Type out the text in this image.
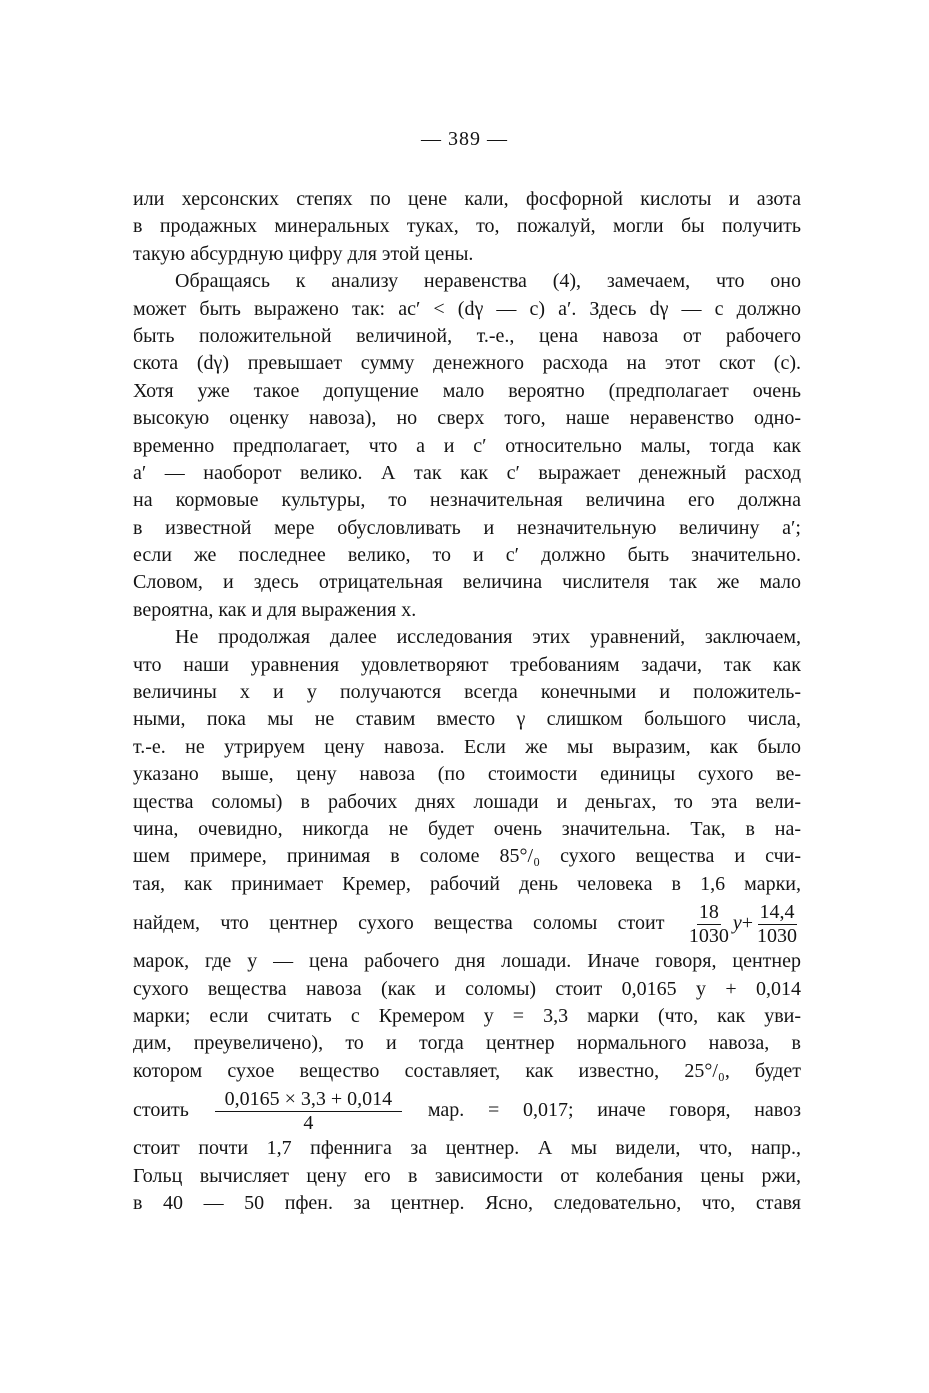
— 389 —
или херсонских степях по цене кали, фосфорной кислоты и азота
в продажных минеральных туках, то, пожалуй, могли бы получить
такую абсурдную цифру для этой цены.
Обращаясь к анализу неравенства (4), замечаем, что оно
может быть выражено так: ac′ < (dγ — c) a′. Здесь dγ — c должно
быть положительной величиной, т.-е., цена навоза от рабочего
скота (dγ) превышает сумму денежного расхода на этот скот (c).
Хотя уже такое допущение мало вероятно (предполагает очень
высокую оценку навоза), но сверх того, наше неравенство одно-
временно предполагает, что a и c′ относительно малы, тогда как
a′ — наоборот велико. А так как c′ выражает денежный расход
на кормовые культуры, то незначительная величина его должна
в известной мере обусловливать и незначительную величину a′;
если же последнее велико, то и c′ должно быть значительно.
Словом, и здесь отрицательная величина числителя так же мало
вероятна, как и для выражения x.
Не продолжая далее исследования этих уравнений, заключаем,
что наши уравнения удовлетворяют требованиям задачи, так как
величины x и y получаются всегда конечными и положитель-
ными, пока мы не ставим вместо γ слишком большого числа,
т.-е. не утрируем цену навоза. Если же мы выразим, как было
указано выше, цену навоза (по стоимости единицы сухого ве-
щества соломы) в рабочих днях лошади и деньгах, то эта вели-
чина, очевидно, никогда не будет очень значительна. Так, в на-
шем примере, принимая в соломе 85°/₀ сухого вещества и счи-
тая, как принимает Кремер, рабочий день человека в 1,6 марки,
найдем, что центнер сухого вещества соломы стоит $\frac{18}{1030} y+ \frac{14,4}{1030}$
марок, где y — цена рабочего дня лошади. Иначе говоря, центнер
сухого вещества навоза (как и соломы) стоит 0,0165 y + 0,014
марки; если считать с Кремером y = 3,3 марки (что, как уви-
дим, преувеличено), то и тогда центнер нормального навоза, в
котором сухое вещество составляет, как известно, 25°/₀, будет
стоить $\frac{0,0165 \times 3,3 + 0,014}{4}$ мар. = 0,017; иначе говоря, навоз
стоит почти 1,7 пфеннига за центнер. А мы видели, что, напр.,
Гольц вычисляет цену его в зависимости от колебания цены ржи,
в 40 — 50 пфен. за центнер. Ясно, следовательно, что, ставя
